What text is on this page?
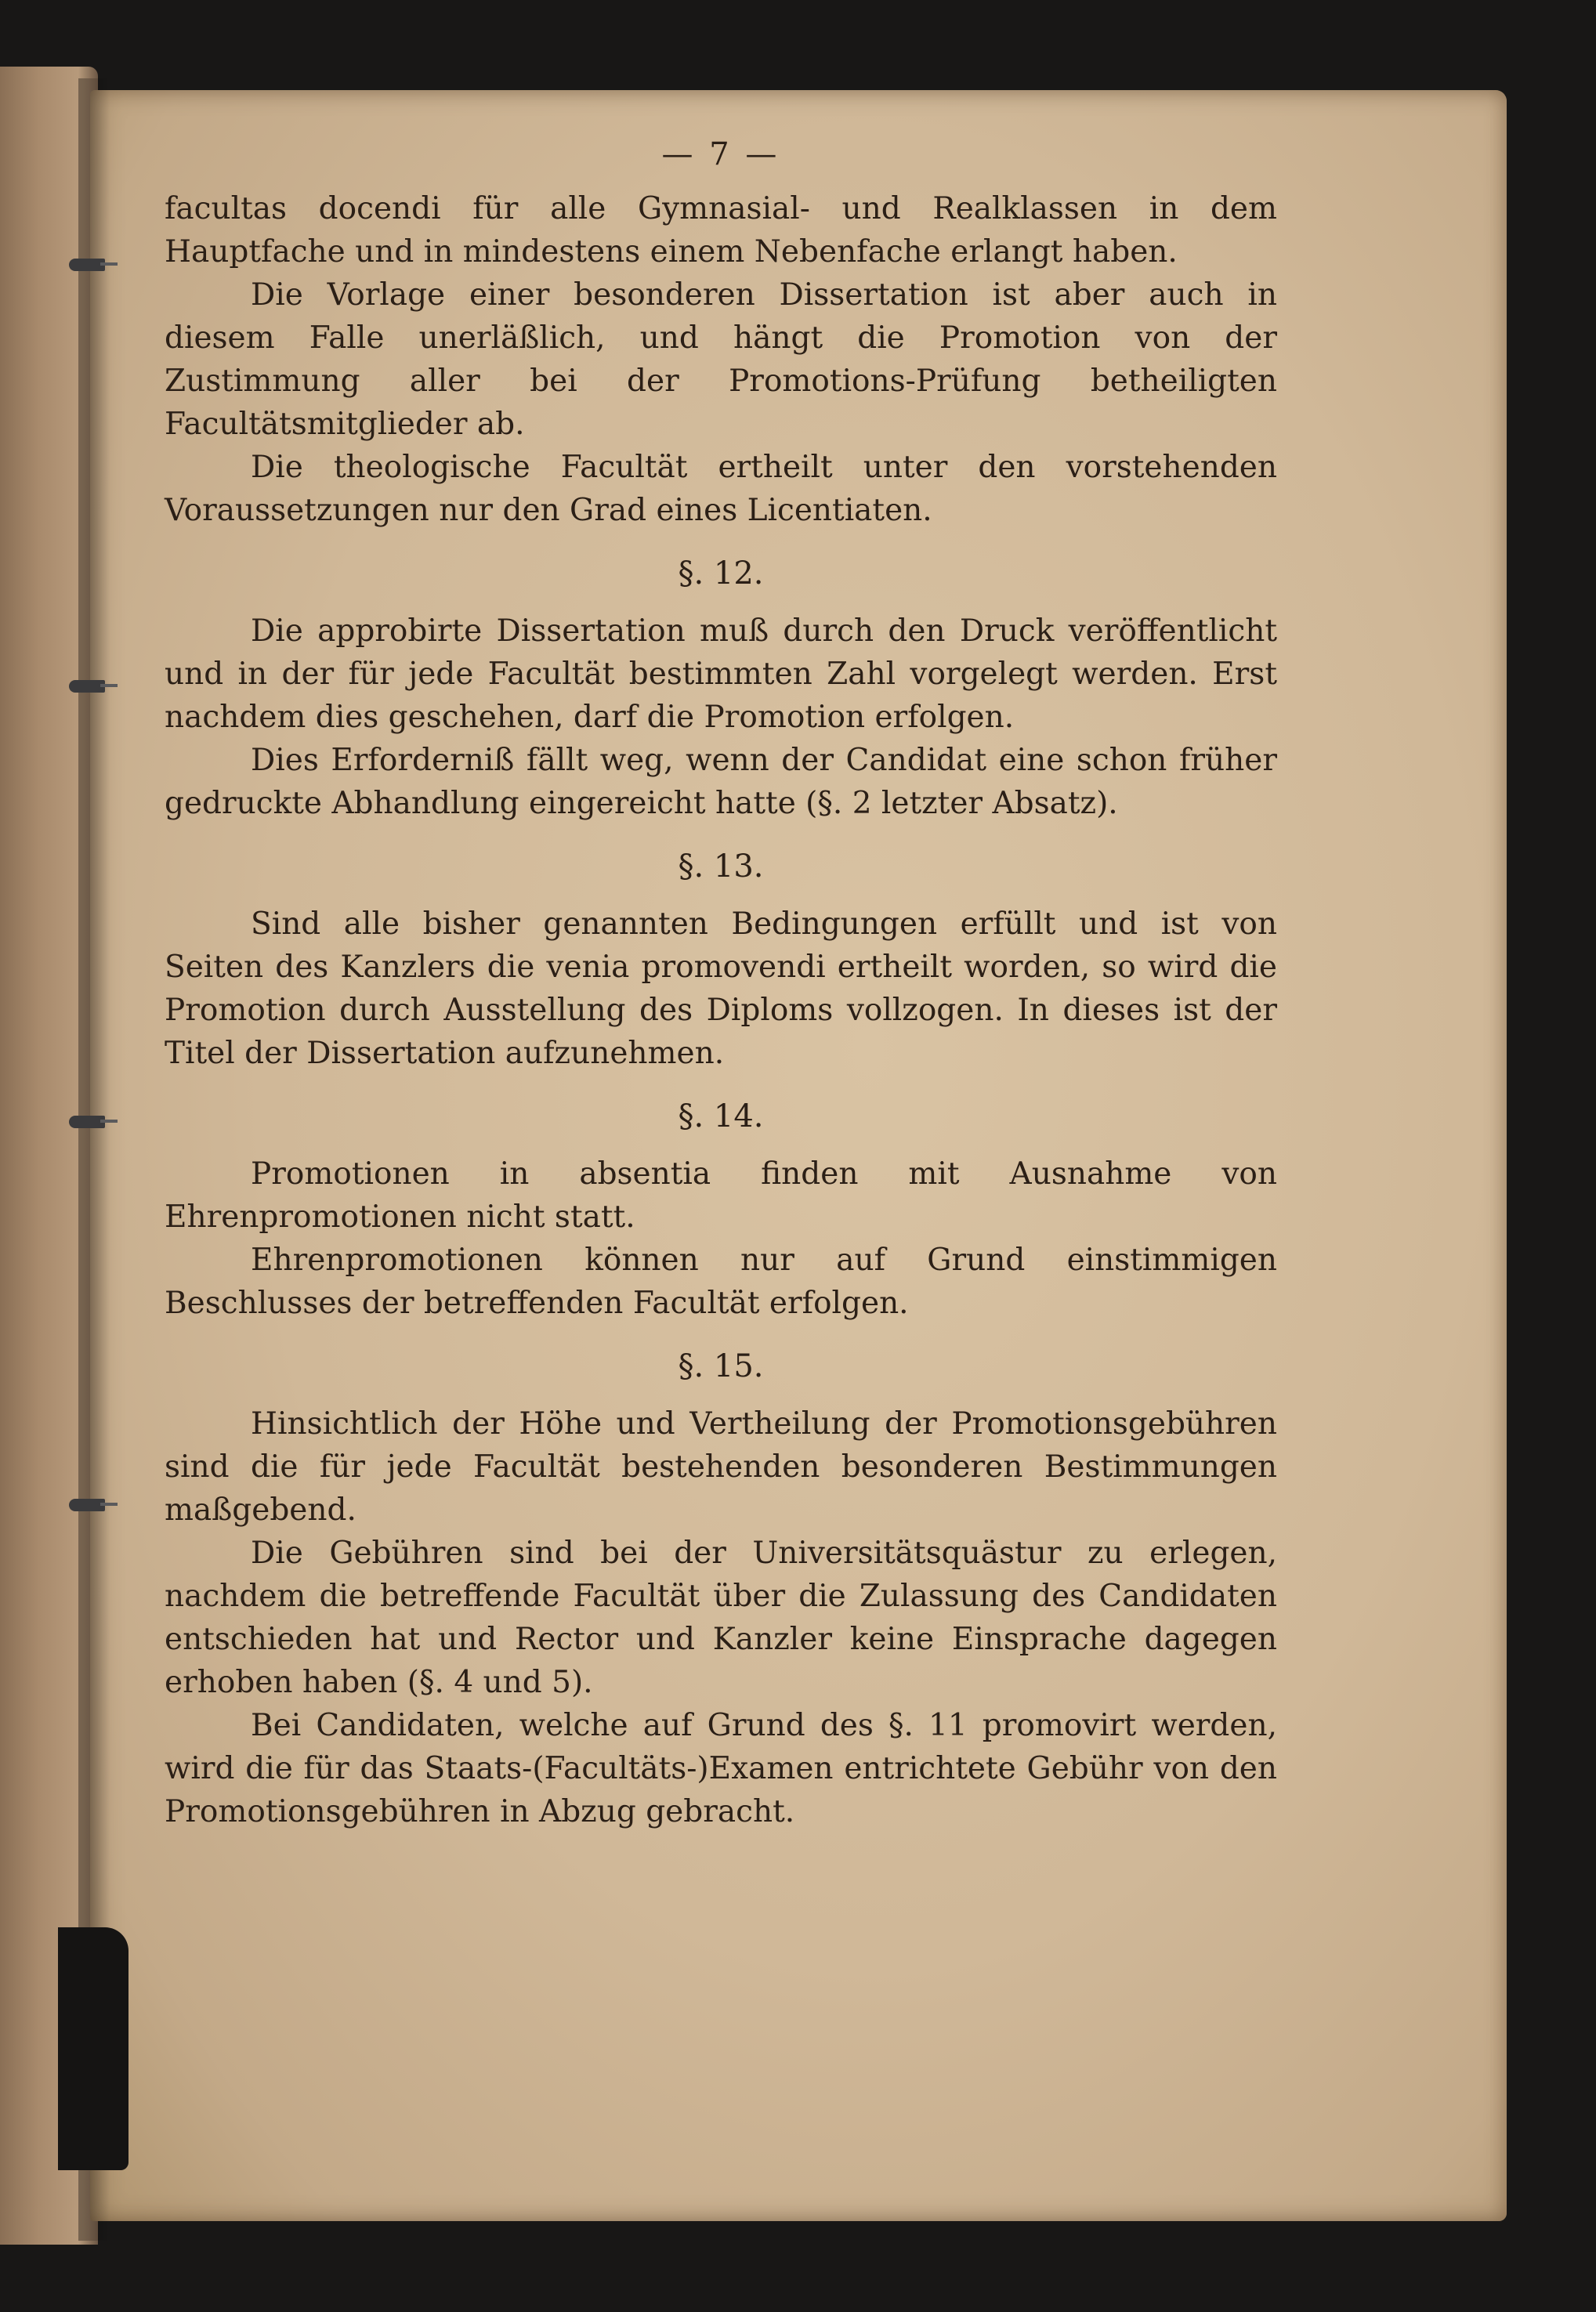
— 7 —

facultas docendi für alle Gymnasial- und Realklassen in dem Hauptfache und in mindestens einem Nebenfache erlangt haben.

Die Vorlage einer besonderen Dissertation ist aber auch in diesem Falle unerläßlich, und hängt die Promotion von der Zustimmung aller bei der Promotions-Prüfung betheiligten Facultätsmitglieder ab.

Die theologische Facultät ertheilt unter den vorstehenden Voraussetzungen nur den Grad eines Licentiaten.

§. 12.

Die approbirte Dissertation muß durch den Druck veröffentlicht und in der für jede Facultät bestimmten Zahl vorgelegt werden. Erst nachdem dies geschehen, darf die Promotion erfolgen.

Dies Erforderniß fällt weg, wenn der Candidat eine schon früher gedruckte Abhandlung eingereicht hatte (§. 2 letzter Absatz).

§. 13.

Sind alle bisher genannten Bedingungen erfüllt und ist von Seiten des Kanzlers die venia promovendi ertheilt worden, so wird die Promotion durch Ausstellung des Diploms vollzogen. In dieses ist der Titel der Dissertation aufzunehmen.

§. 14.

Promotionen in absentia finden mit Ausnahme von Ehrenpromotionen nicht statt.

Ehrenpromotionen können nur auf Grund einstimmigen Beschlusses der betreffenden Facultät erfolgen.

§. 15.

Hinsichtlich der Höhe und Vertheilung der Promotionsgebühren sind die für jede Facultät bestehenden besonderen Bestimmungen maßgebend.

Die Gebühren sind bei der Universitätsquästur zu erlegen, nachdem die betreffende Facultät über die Zulassung des Candidaten entschieden hat und Rector und Kanzler keine Einsprache dagegen erhoben haben (§. 4 und 5).

Bei Candidaten, welche auf Grund des §. 11 promovirt werden, wird die für das Staats-(Facultäts-)Examen entrichtete Gebühr von den Promotionsgebühren in Abzug gebracht.
